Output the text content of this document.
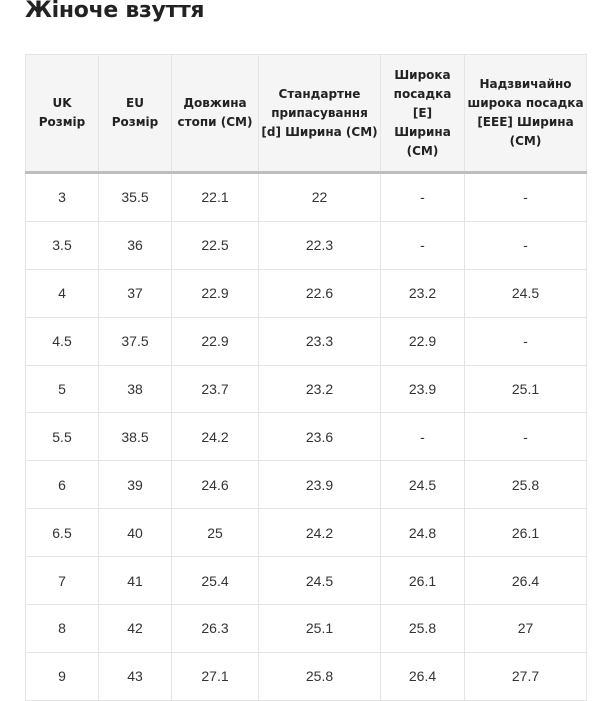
Жіноче взуття
UK Розмір	EU Розмір	Довжина стопи (CM)	Стандартне припасування [d] Ширина (CM)	Широка посадка [E] Ширина (CM)	Надзвичайно широка посадка [EEE] Ширина (CM)
3	35.5	22.1	22	-	-
3.5	36	22.5	22.3	-	-
4	37	22.9	22.6	23.2	24.5
4.5	37.5	22.9	23.3	22.9	-
5	38	23.7	23.2	23.9	25.1
5.5	38.5	24.2	23.6	-	-
6	39	24.6	23.9	24.5	25.8
6.5	40	25	24.2	24.8	26.1
7	41	25.4	24.5	26.1	26.4
8	42	26.3	25.1	25.8	27
9	43	27.1	25.8	26.4	27.7
